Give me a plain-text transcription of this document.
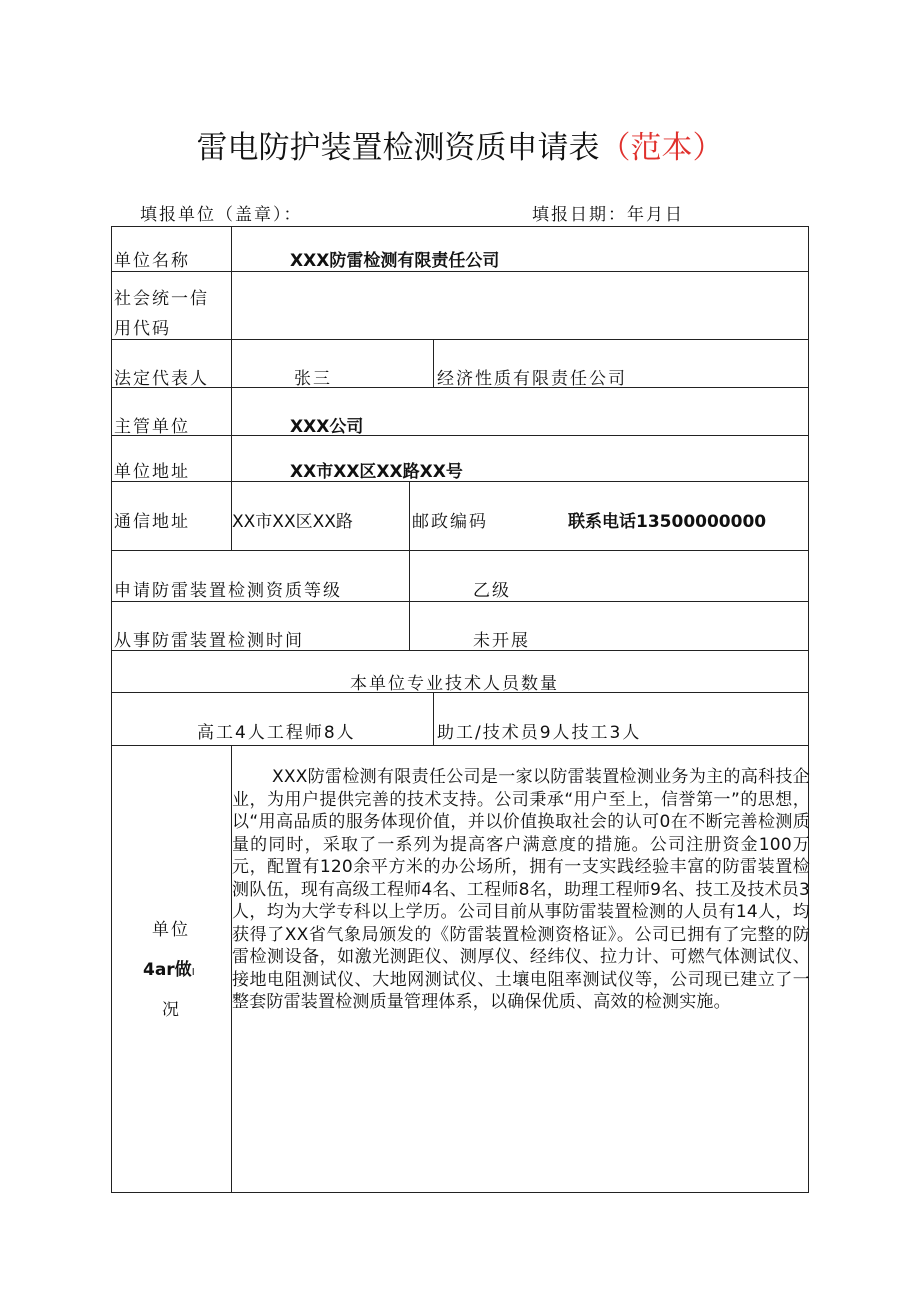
雷电防护装置检测资质申请表（范本）
填报单位（盖章）：	填报日期：年月日
单位名称	XXX防雷检测有限责任公司
社会统一信
用代码
法定代表人	张三	经济性质有限责任公司
主管单位	XXX公司
单位地址	XX市XX区XX路XX号
通信地址 XX市XX区XX路	邮政编码	联系电话13500000000
申请防雷装置检测资质等级	乙级
从事防雷装置检测时间	未开展
本单位专业技术人员数量
高工4人工程师8人	助工/技术员9人技工3人
单位
4ar做I
况
XXX防雷检测有限责任公司是一家以防雷装置检测业务为主的高科技企业，为用户提供完善的技术支持。公司秉承“用户至上，信誉第一”的思想，以“用高品质的服务体现价值，并以价值换取社会的认可0在不断完善检测质量的同时，采取了一系列为提高客户满意度的措施。公司注册资金100万元，配置有120余平方米的办公场所，拥有一支实践经验丰富的防雷装置检测队伍，现有高级工程师4名、工程师8名，助理工程师9名、技工及技术员3人，均为大学专科以上学历。公司目前从事防雷装置检测的人员有14人，均获得了XX省气象局颁发的《防雷装置检测资格证》。公司已拥有了完整的防雷检测设备，如激光测距仪、测厚仪、经纬仪、拉力计、可燃气体测试仪、接地电阻测试仪、大地网测试仪、土壤电阻率测试仪等，公司现已建立了一整套防雷装置检测质量管理体系，以确保优质、高效的检测实施。
